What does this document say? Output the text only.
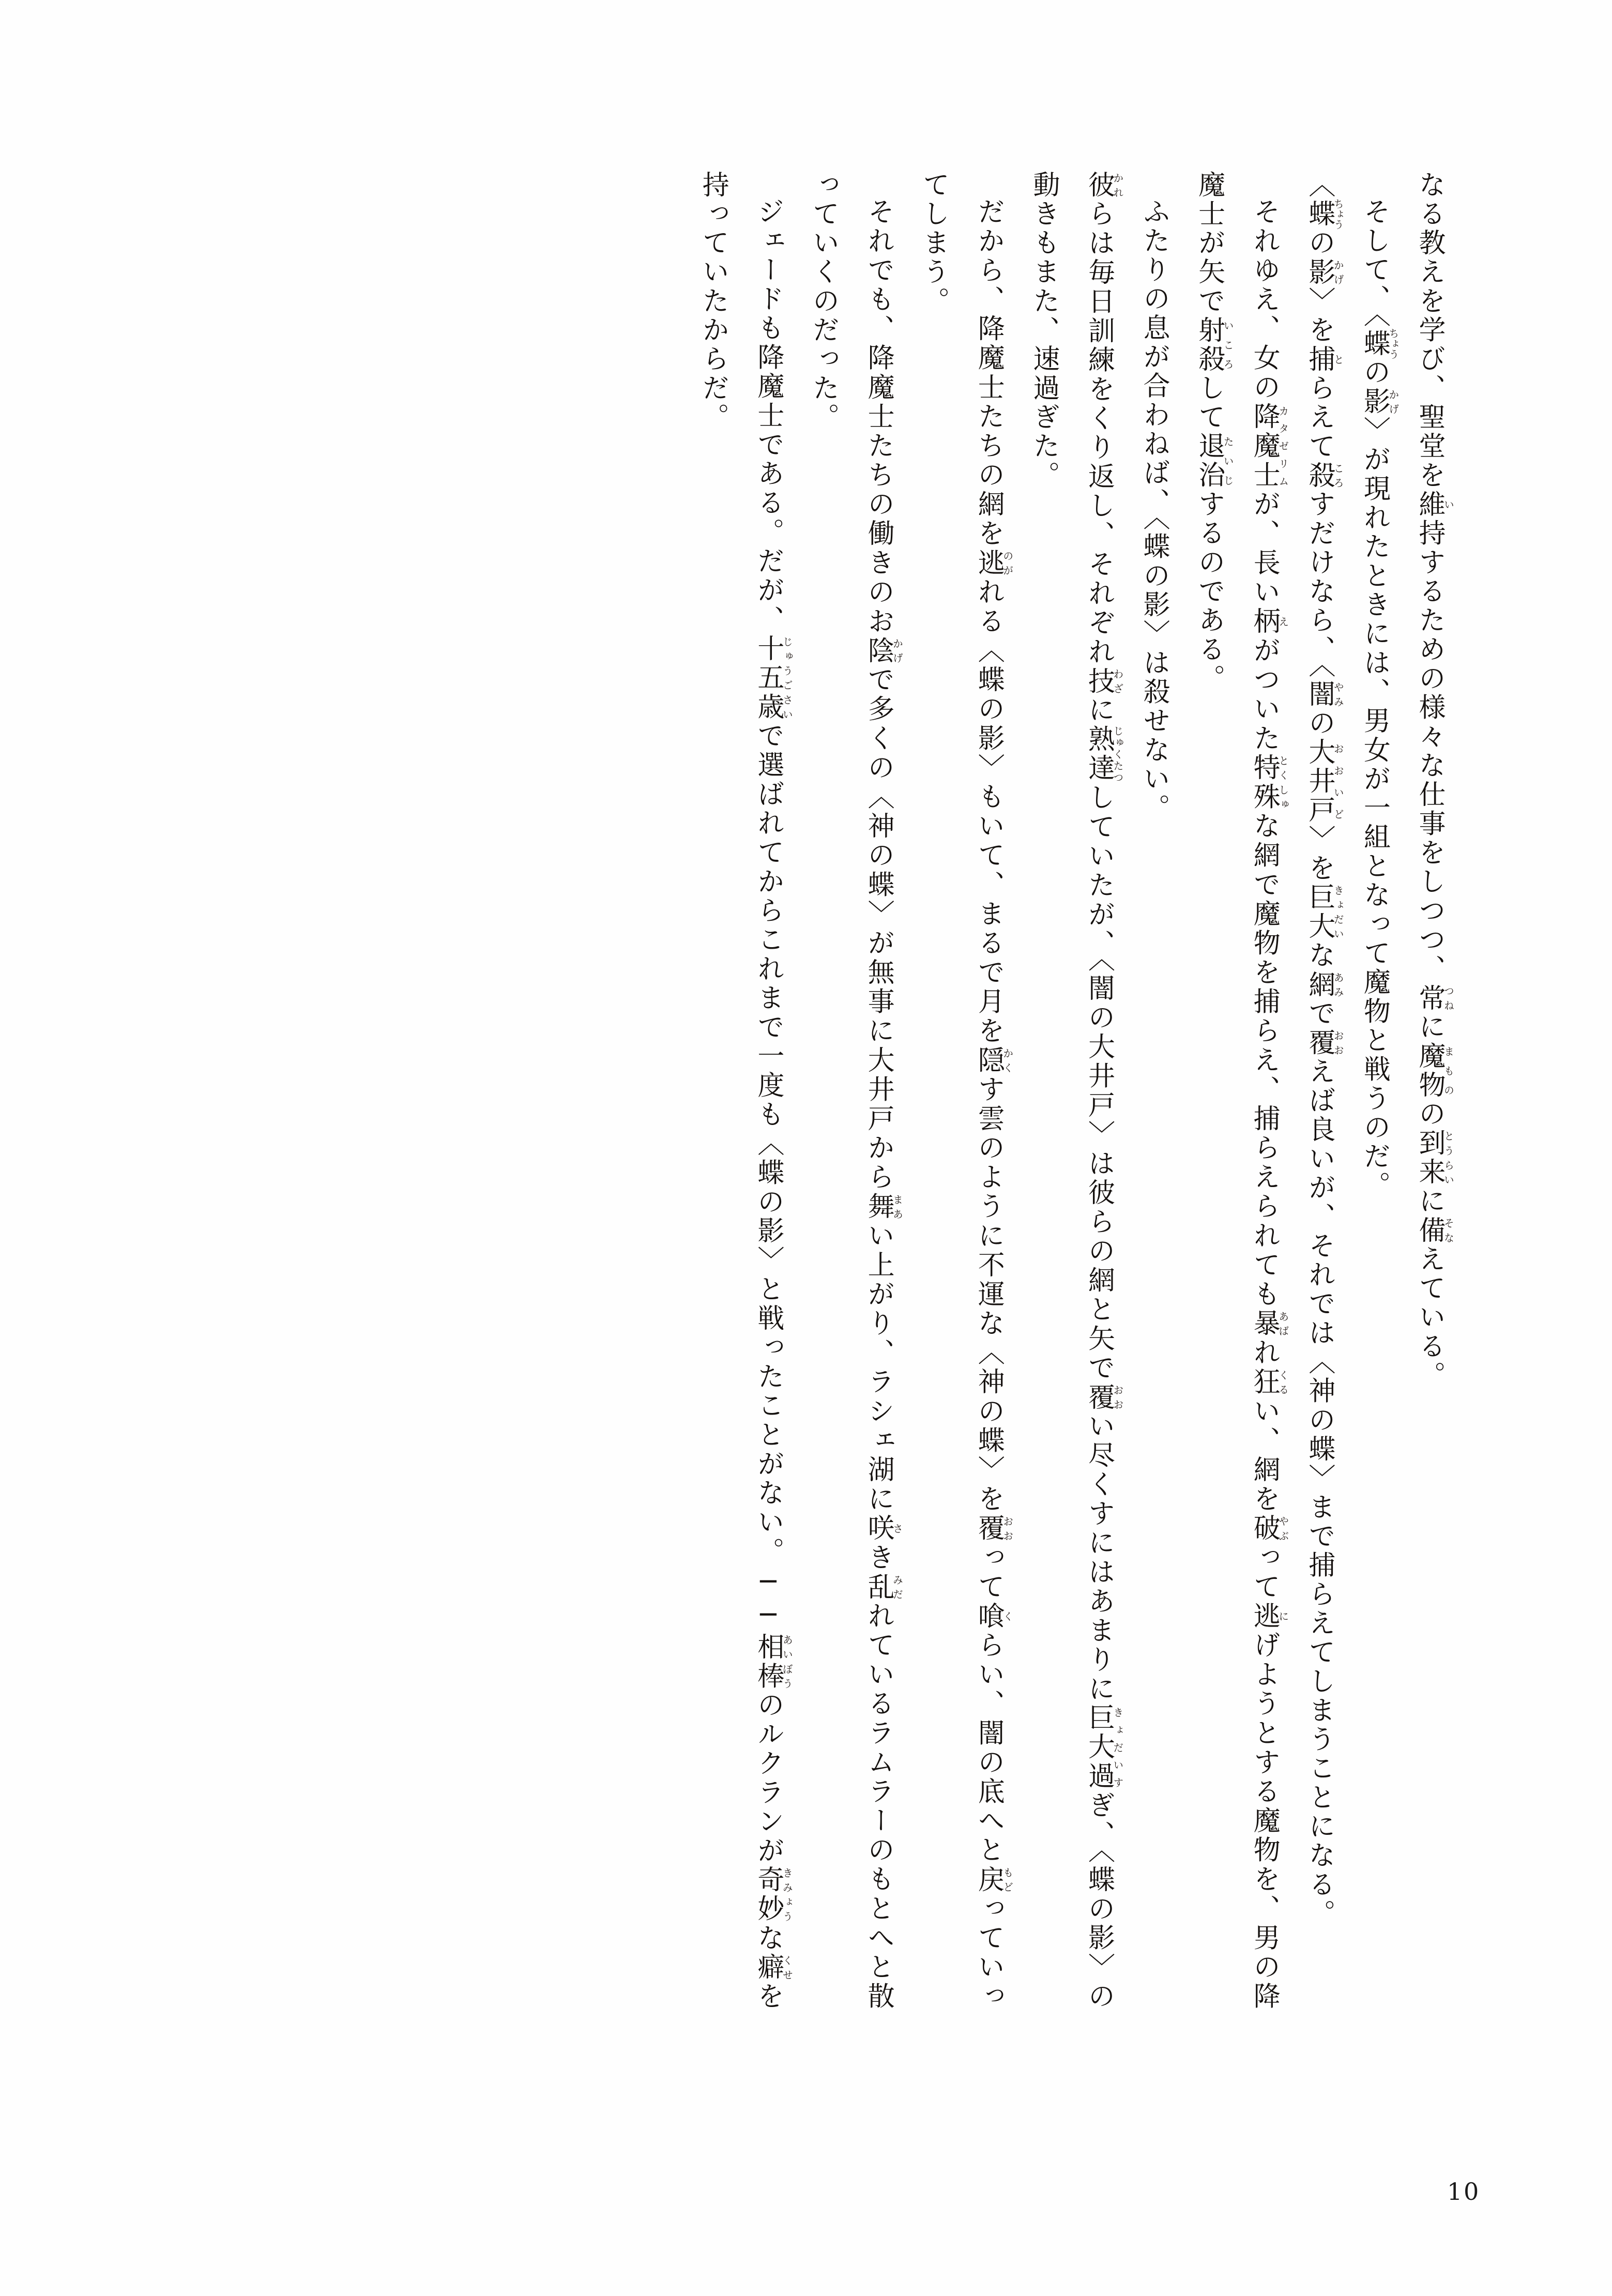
なる教えを学び、聖堂を維い持するための様々な仕事をしつつ、常つねに魔物まものの到来とうらいに備そなえている。

そして、〈蝶ちょうの影かげ〉が現れたときには、男女が一組となって魔物と戦うのだ。

〈蝶ちょうの影かげ〉を捕とらえて殺ころすだけなら、〈闇やみの大井戸おおいど〉を巨大きょだいな網あみで覆おおえば良いが、それでは〈神の蝶〉まで捕らえてしまうことになる。

それゆえ、女の降魔士カタゼリムが、長い柄えがついた特殊とくしゅな網で魔物を捕らえ、捕らえられても暴あばれ狂くるい、網を破やぶって逃にげようとする魔物を、男の降魔士が矢で射殺いころして退治たいじするのである。

ふたりの息が合わねば、〈蝶の影〉は殺せない。

彼かれらは毎日訓練をくり返し、それぞれ技わざに熟達じゅくたつしていたが、〈闇の大井戸〉は彼らの網と矢で覆おおい尽くすにはあまりに巨大過きょだいすぎ、〈蝶の影〉の動きもまた、速過ぎた。

だから、降魔士たちの網を逃のがれる〈蝶の影〉もいて、まるで月を隠かくす雲のように不運な〈神の蝶〉を覆おおって喰くらい、闇の底へと戻もどっていってしまう。

それでも、降魔士たちの働きのお陰かげで多くの〈神の蝶〉が無事に大井戸から舞まあい上がり、ラシェ湖に咲さき乱みだれているラムラーのもとへと散っていくのだった。

ジェードも降魔士である。だが、十五歳じゅうごさいで選ばれてからこれまで一度も〈蝶の影〉と戦ったことがない。──相棒あいぼうのルクランが奇妙きみょうな癖くせを持っていたからだ。

10
